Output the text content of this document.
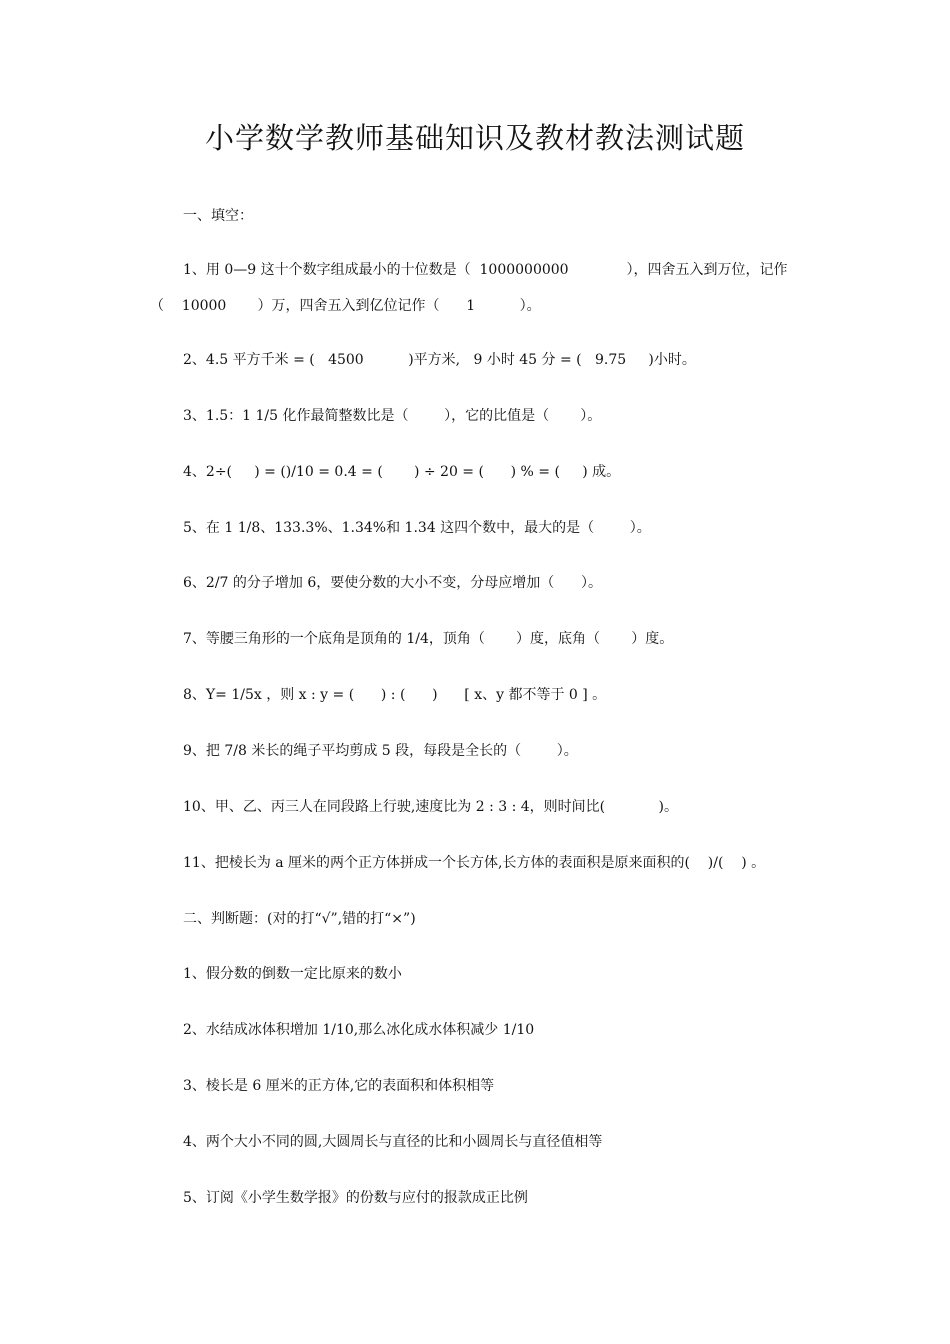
小学数学教师基础知识及教材教法测试题
一、填空：
1、用 0—9 这十个数字组成最小的十位数是（  1000000000             ），四舍五入到万位，记作
（    10000       ）万，四舍五入到亿位记作（      1          ）。
2、4.5 平方千米 = (   4500          )平方米,   9 小时 45 分 = (   9.75     )小时。
3、1.5：1 1/5 化作最简整数比是（        ），它的比值是（       ）。
4、2÷(     ) = ()/10 = 0.4 = (       ) ÷ 20 = (      ) % = (     ) 成。
5、在 1 1/8、133.3%、1.34%和 1.34 这四个数中，最大的是（        ）。
6、2/7 的分子增加 6，要使分数的大小不变，分母应增加（      ）。
7、等腰三角形的一个底角是顶角的 1/4，顶角（       ）度，底角（       ）度。
8、Y= 1/5x ，则 x : y = (      ) : (      )      [ x、y 都不等于 0 ] 。
9、把 7/8 米长的绳子平均剪成 5 段，每段是全长的（        ）。
10、甲、乙、丙三人在同段路上行驶,速度比为 2 : 3 : 4，则时间比(            )。
11、把棱长为 a 厘米的两个正方体拼成一个长方体,长方体的表面积是原来面积的(    )/(    ) 。
二、判断题：(对的打“√”,错的打“×”)
1、假分数的倒数一定比原来的数小
2、水结成冰体积增加 1/10,那么冰化成水体积减少 1/10
3、棱长是 6 厘米的正方体,它的表面积和体积相等
4、两个大小不同的圆,大圆周长与直径的比和小圆周长与直径值相等
5、订阅《小学生数学报》的份数与应付的报款成正比例
